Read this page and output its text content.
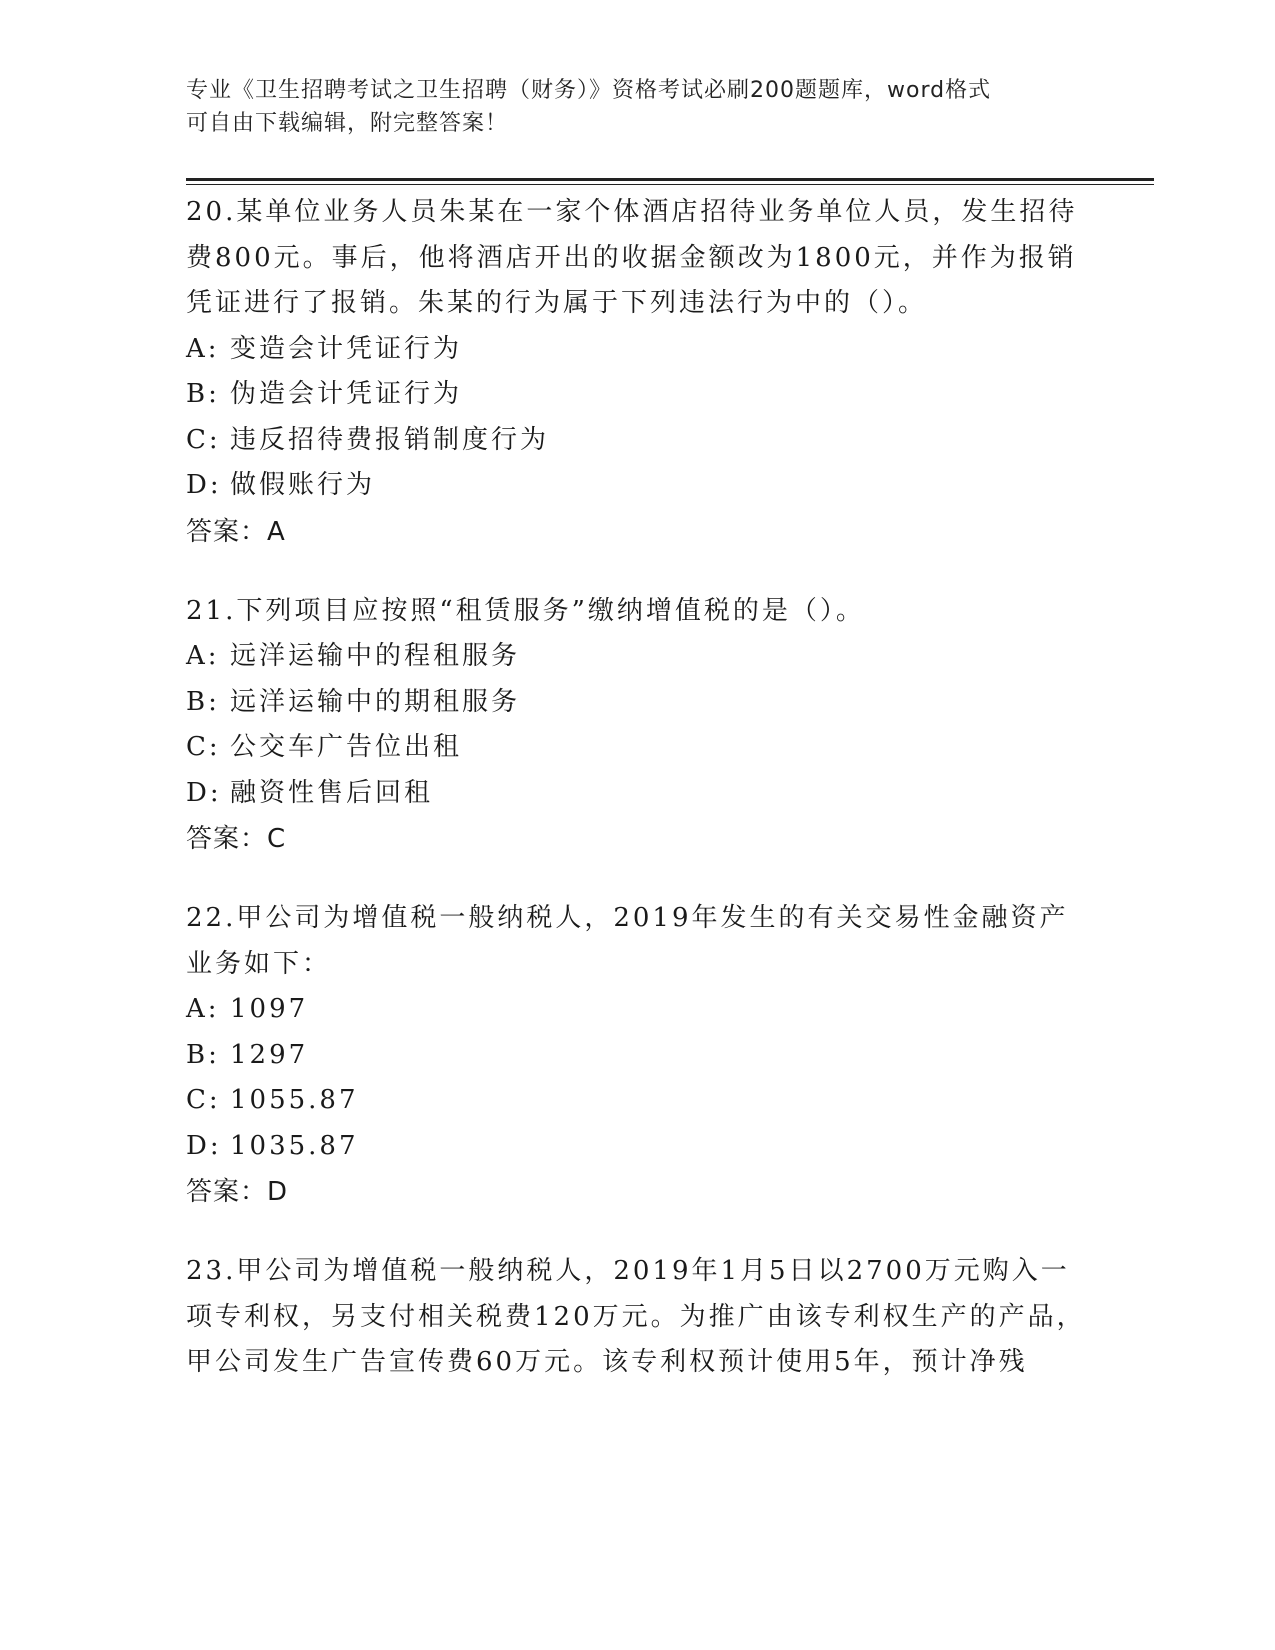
专业《卫生招聘考试之卫生招聘（财务）》资格考试必刷200题题库，word格式
可自由下载编辑，附完整答案！

20.某单位业务人员朱某在一家个体酒店招待业务单位人员，发生招待费800元。事后，他将酒店开出的收据金额改为1800元，并作为报销凭证进行了报销。朱某的行为属于下列违法行为中的（）。

A: 变造会计凭证行为

B: 伪造会计凭证行为

C: 违反招待费报销制度行为

D: 做假账行为

答案：A

21.下列项目应按照“租赁服务”缴纳增值税的是（）。

A: 远洋运输中的程租服务

B: 远洋运输中的期租服务

C: 公交车广告位出租

D: 融资性售后回租

答案：C

22.甲公司为增值税一般纳税人，2019年发生的有关交易性金融资产业务如下：

A: 1097

B: 1297

C: 1055.87

D: 1035.87

答案：D

23.甲公司为增值税一般纳税人，2019年1月5日以2700万元购入一项专利权，另支付相关税费120万元。为推广由该专利权生产的产品，甲公司发生广告宣传费60万元。该专利权预计使用5年，预计净残
